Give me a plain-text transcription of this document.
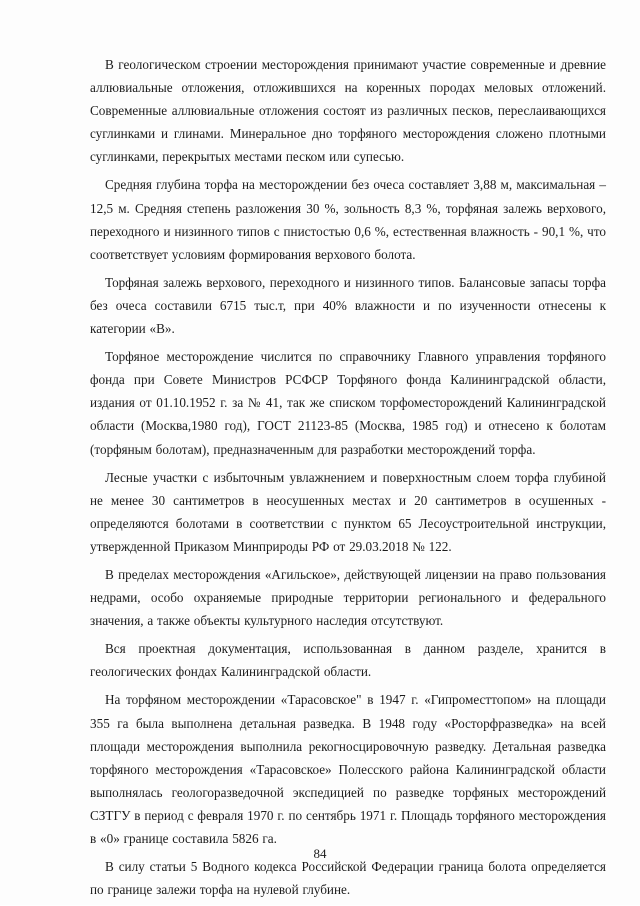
В геологическом строении месторождения принимают участие современные и древние аллювиальные отложения, отложившихся на коренных породах меловых отложений. Современные аллювиальные отложения состоят из различных песков, переслаивающихся суглинками и глинами. Минеральное дно торфяного месторождения сложено плотными суглинками, перекрытых местами песком или супесью.

Средняя глубина торфа на месторождении без очеса составляет 3,88 м, максимальная – 12,5 м. Средняя степень разложения 30 %, зольность 8,3 %, торфяная залежь верхового, переходного и низинного типов с пнистостью 0,6 %, естественная влажность - 90,1 %, что соответствует условиям формирования верхового болота.

Торфяная залежь верхового, переходного и низинного типов. Балансовые запасы торфа без очеса составили 6715 тыс.т, при 40% влажности и по изученности отнесены к категории «В».

Торфяное месторождение числится по справочнику Главного управления торфяного фонда при Совете Министров РСФСР Торфяного фонда Калининградской области, издания от 01.10.1952 г. за № 41, так же списком торфоместорождений Калининградской области (Москва,1980 год), ГОСТ 21123-85 (Москва, 1985 год) и отнесено к болотам (торфяным болотам), предназначенным для разработки месторождений торфа.

Лесные участки с избыточным увлажнением и поверхностным слоем торфа глубиной не менее 30 сантиметров в неосушенных местах и 20 сантиметров в осушенных - определяются болотами в соответствии с пунктом 65 Лесоустроительной инструкции, утвержденной Приказом Минприроды РФ от 29.03.2018 № 122.

В пределах месторождения «Агильское», действующей лицензии на право пользования недрами, особо охраняемые природные территории регионального и федерального значения, а также объекты культурного наследия отсутствуют.

Вся проектная документация, использованная в данном разделе, хранится в геологических фондах Калининградской области.

На торфяном месторождении «Тарасовское" в 1947 г. «Гипроместтопом» на площади 355 га была выполнена детальная разведка. В 1948 году «Росторфразведка» на всей площади месторождения выполнила рекогносцировочную разведку. Детальная разведка торфяного месторождения «Тарасовское» Полесского района Калининградской области выполнялась геологоразведочной экспедицией по разведке торфяных месторождений СЗТГУ в период с февраля 1970 г. по сентябрь 1971 г. Площадь торфяного месторождения в «0» границе составила 5826 га.

В силу статьи 5 Водного кодекса Российской Федерации граница болота определяется по границе залежи торфа на нулевой глубине.

84
